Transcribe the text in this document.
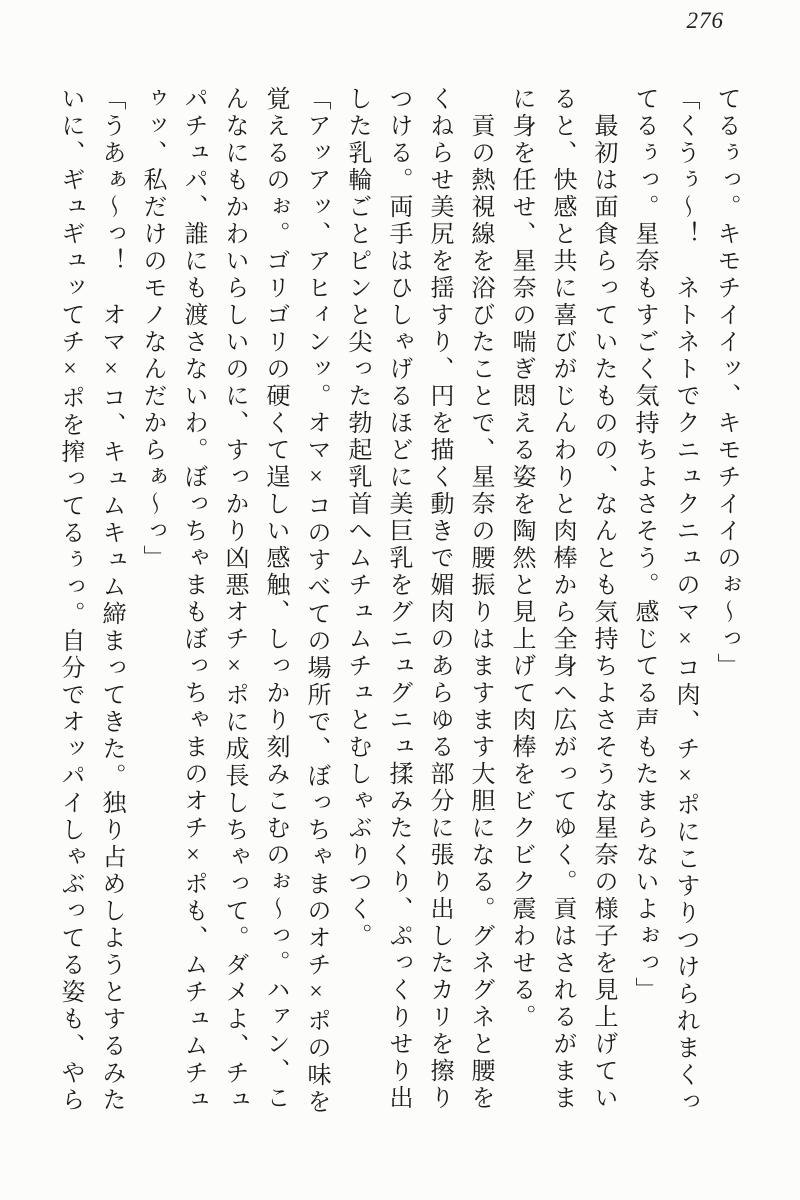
276

てるぅっ。キモチイイッ、キモチイイのぉ～っ」

「くうぅ～！　ネトネトでクニュクニュのマ×コ肉、チ×ポにこすりつけられまくっ

てるぅっ。星奈もすごく気持ちよさそう。感じてる声もたまらないよぉっ」

　最初は面食らっていたものの、なんとも気持ちよさそうな星奈の様子を見上げてい

ると、快感と共に喜びがじんわりと肉棒から全身へ広がってゆく。貢はされるがまま

に身を任せ、星奈の喘ぎ悶える姿を陶然と見上げて肉棒をビクビク震わせる。

　貢の熱視線を浴びたことで、星奈の腰振りはますます大胆になる。グネグネと腰を

くねらせ美尻を揺すり、円を描く動きで媚肉のあらゆる部分に張り出したカリを擦り

つける。両手はひしゃげるほどに美巨乳をグニュグニュ揉みたくり、ぷっくりせり出

した乳輪ごとピンと尖った勃起乳首へムチュムチュとむしゃぶりつく。

「アッアッ、アヒィンッ。オマ×コのすべての場所で、ぼっちゃまのオチ×ポの味を

覚えるのぉ。ゴリゴリの硬くて逞しい感触、しっかり刻みこむのぉ～っ。ハァン、こ

んなにもかわいらしいのに、すっかり凶悪オチ×ポに成長しちゃって。ダメよ、チュ

パチュパ、誰にも渡さないわ。ぼっちゃまもぼっちゃまのオチ×ポも、ムチュムチュ

ゥッ、私だけのモノなんだからぁ～っ」

「うあぁ～っ！　オマ×コ、キュムキュム締まってきた。独り占めしようとするみた

いに、ギュギュッてチ×ポを搾ってるぅっ。自分でオッパイしゃぶってる姿も、やら
